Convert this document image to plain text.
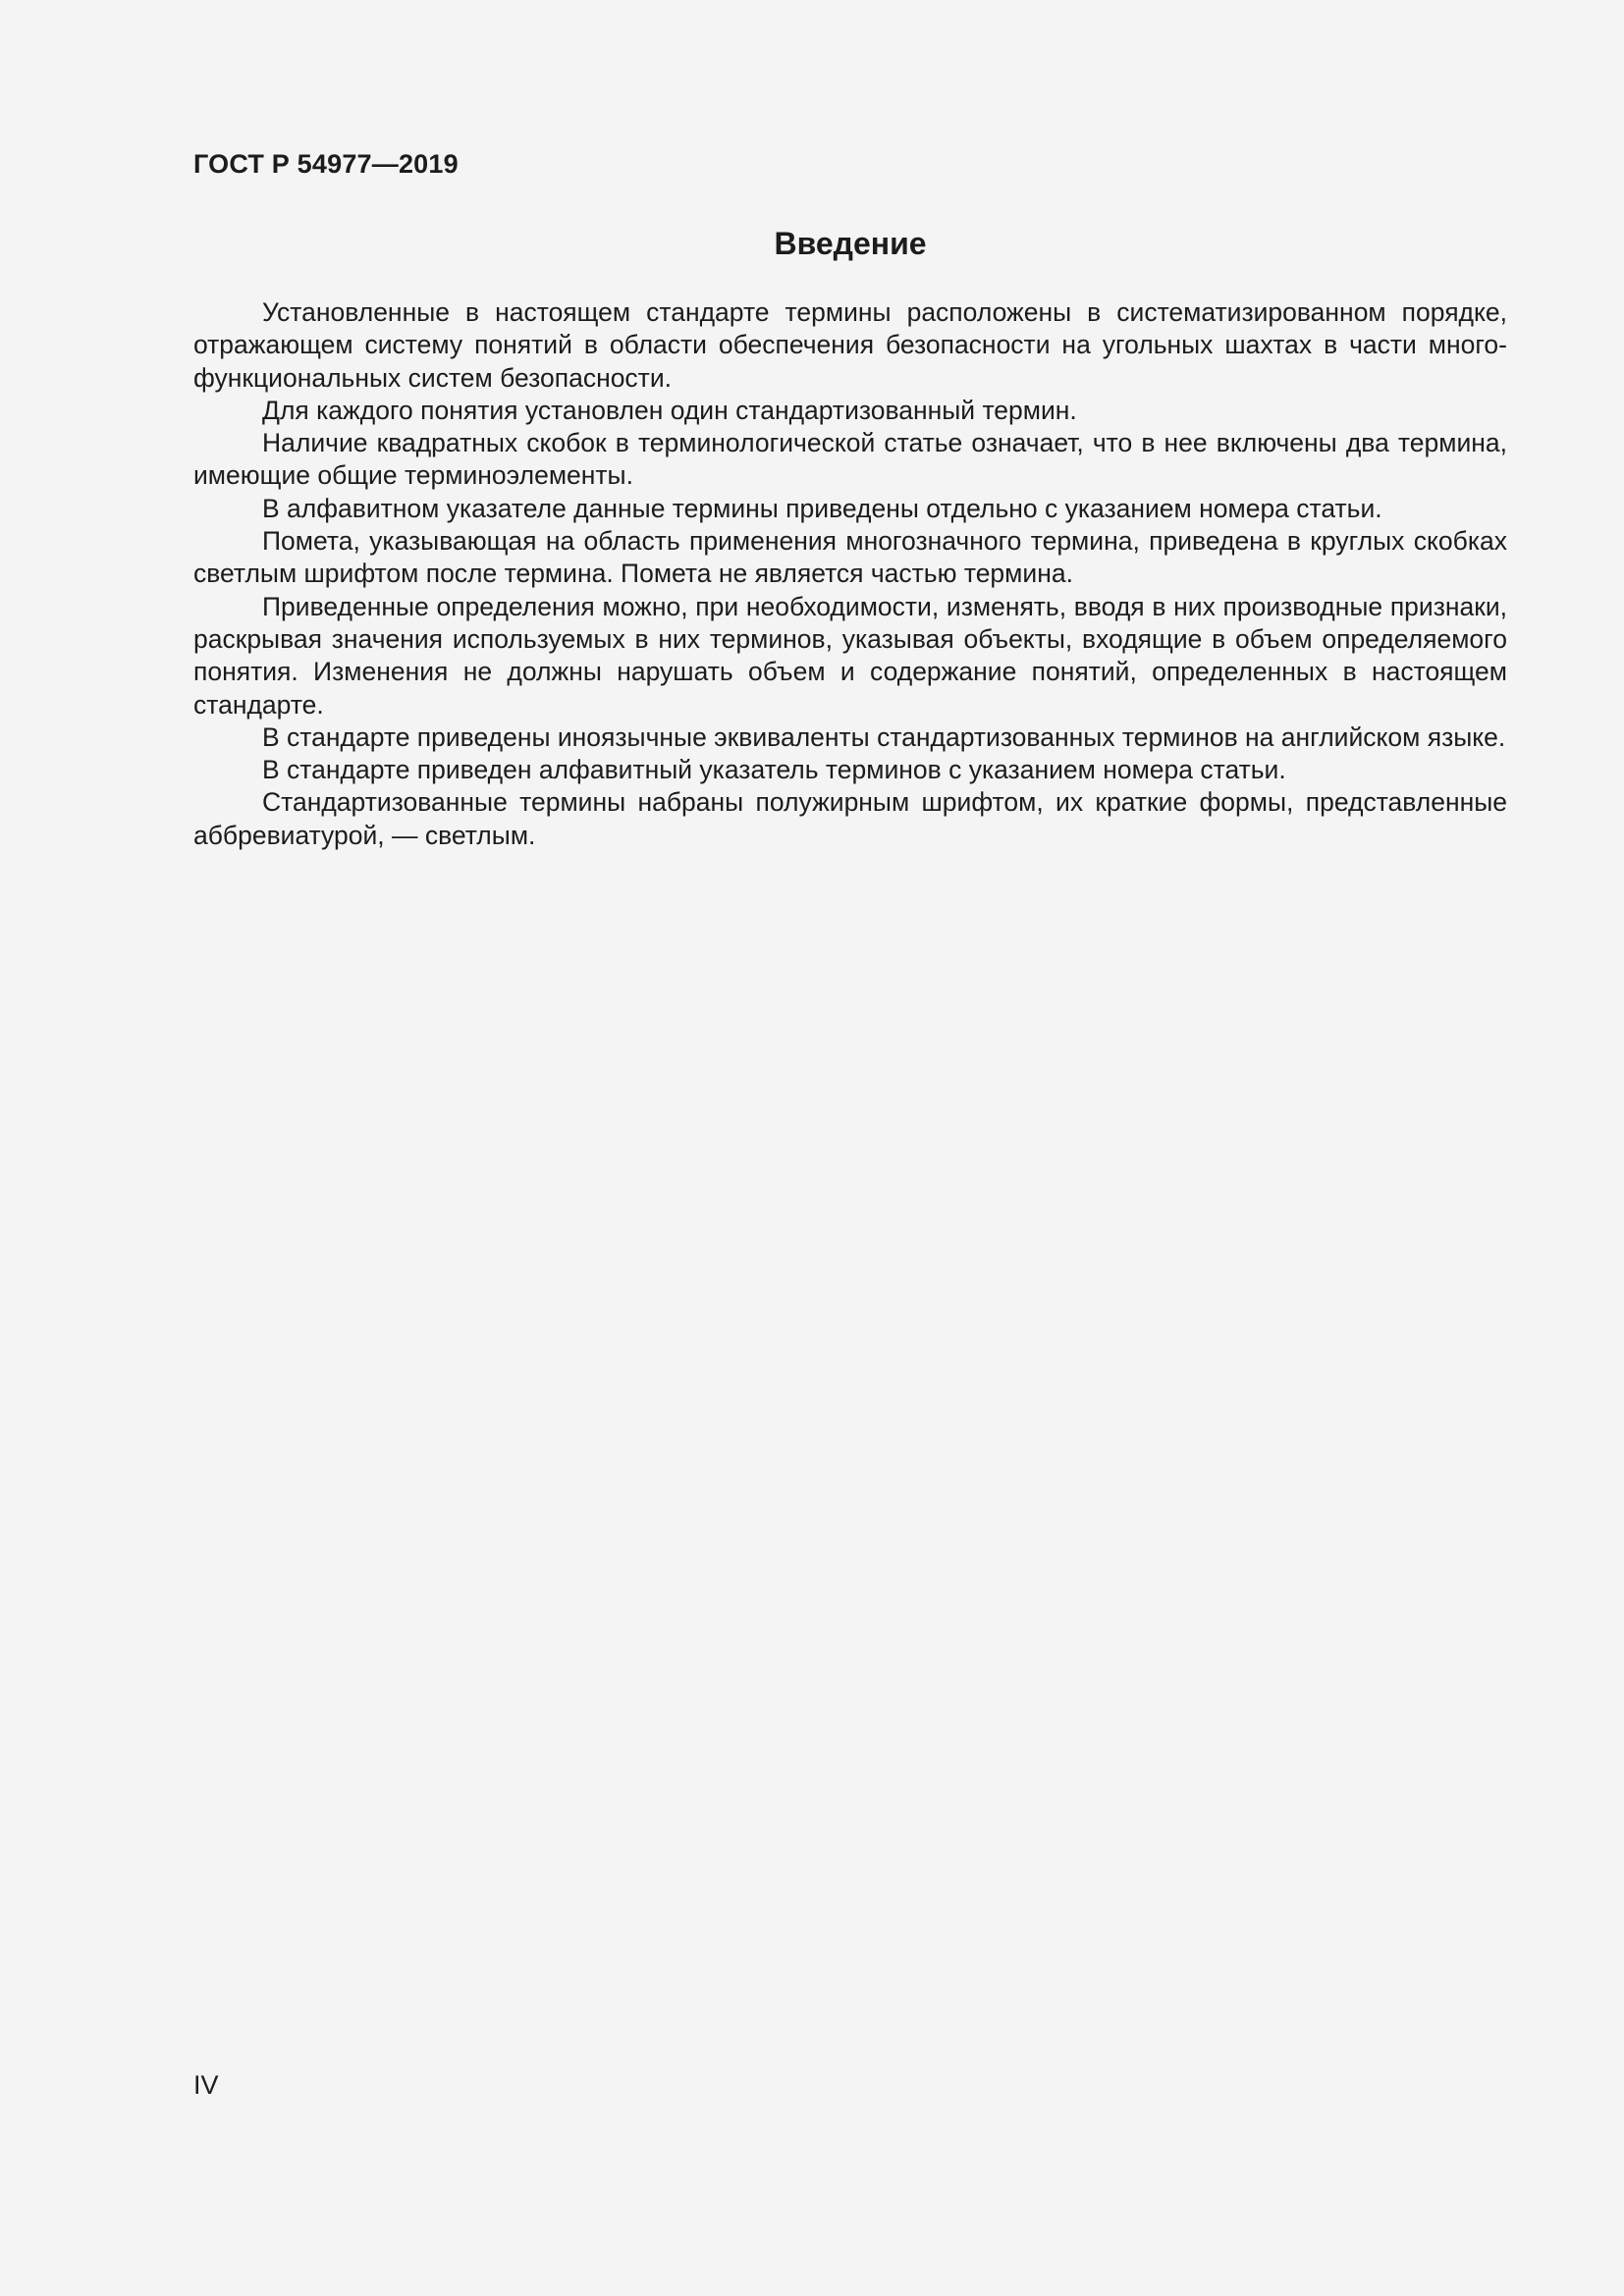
ГОСТ Р 54977—2019
Введение

Установленные в настоящем стандарте термины расположены в систематизированном порядке, отражающем систему понятий в области обеспечения безопасности на угольных шахтах в части многофункциональных систем безопасности.

Для каждого понятия установлен один стандартизованный термин.

Наличие квадратных скобок в терминологической статье означает, что в нее включены два термина, имеющие общие терминоэлементы.

В алфавитном указателе данные термины приведены отдельно с указанием номера статьи.

Помета, указывающая на область применения многозначного термина, приведена в круглых скобках светлым шрифтом после термина. Помета не является частью термина.

Приведенные определения можно, при необходимости, изменять, вводя в них производные признаки, раскрывая значения используемых в них терминов, указывая объекты, входящие в объем определяемого понятия. Изменения не должны нарушать объем и содержание понятий, определенных в настоящем стандарте.

В стандарте приведены иноязычные эквиваленты стандартизованных терминов на английском языке.

В стандарте приведен алфавитный указатель терминов с указанием номера статьи.

Стандартизованные термины набраны полужирным шрифтом, их краткие формы, представленные аббревиатурой, — светлым.

IV
